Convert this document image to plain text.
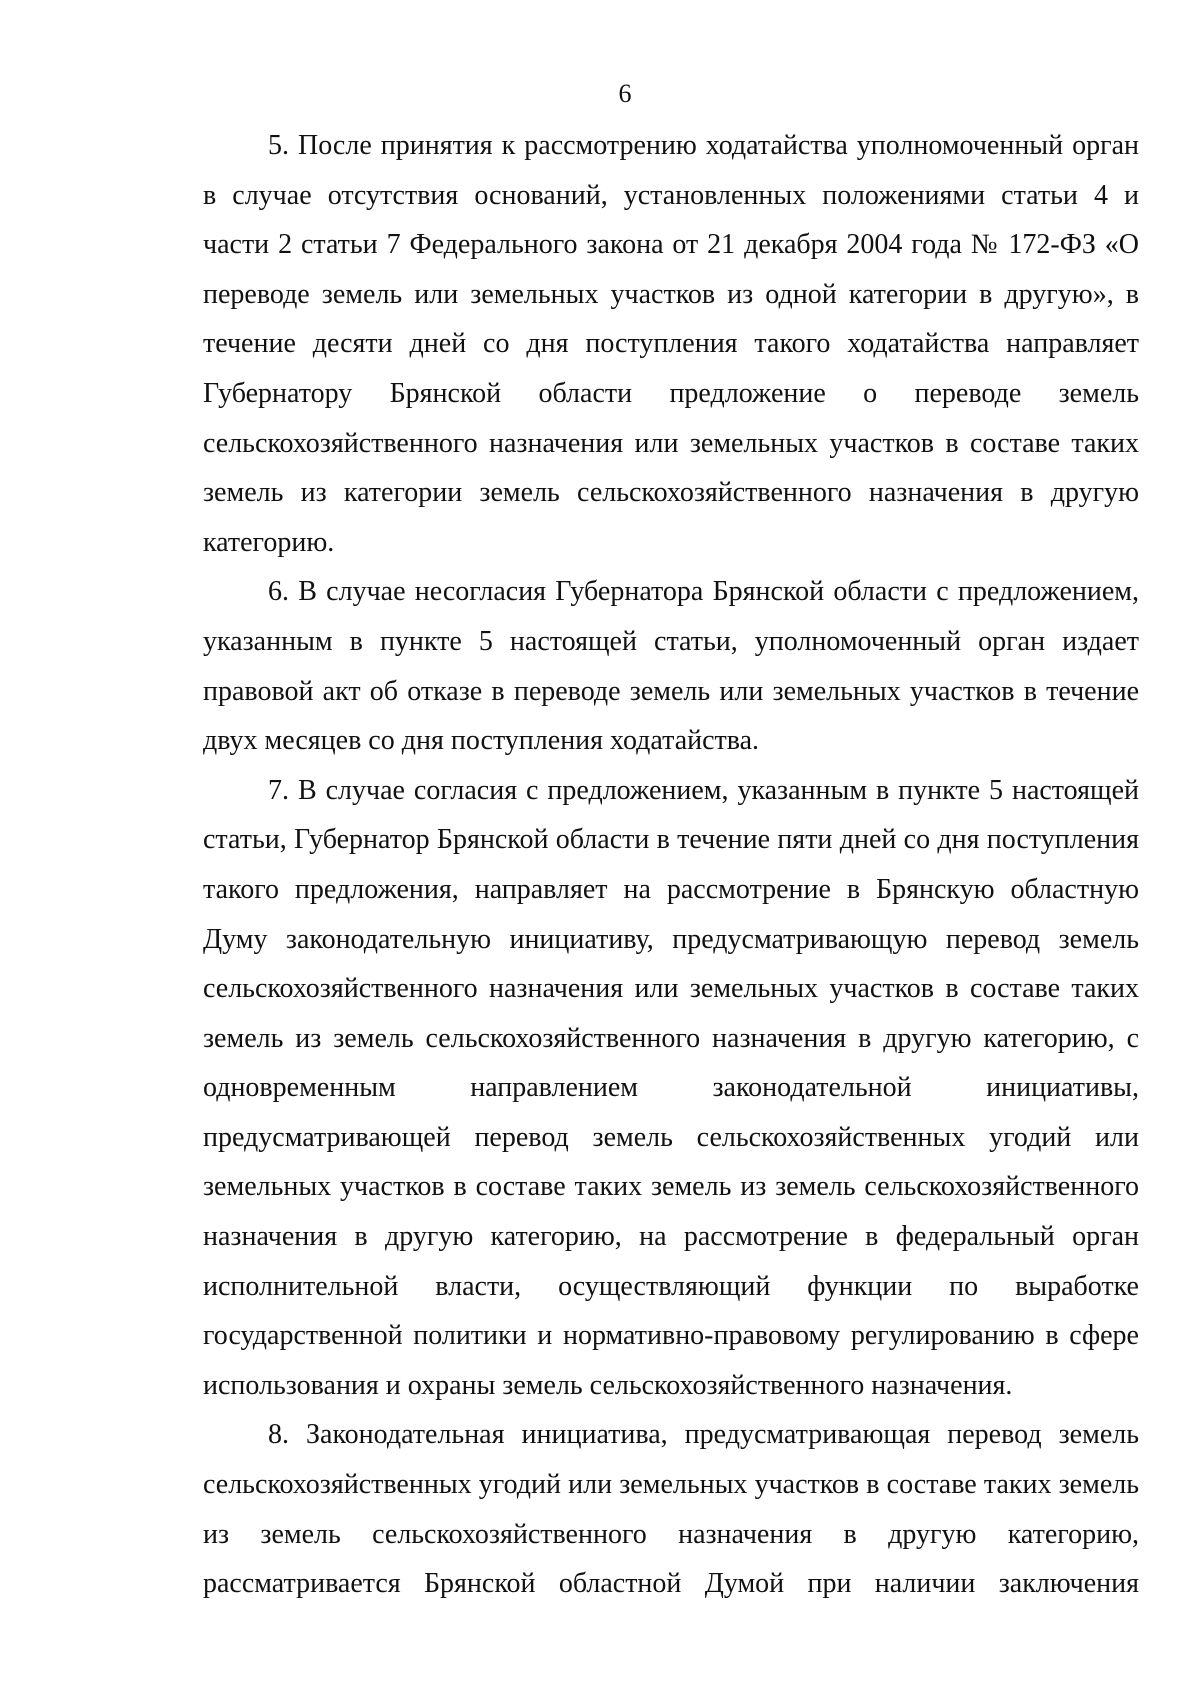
6

5. После принятия к рассмотрению ходатайства уполномоченный орган в случае отсутствия оснований, установленных положениями статьи 4 и части 2 статьи 7 Федерального закона от 21 декабря 2004 года № 172-ФЗ «О переводе земель или земельных участков из одной категории в другую», в течение десяти дней со дня поступления такого ходатайства направляет Губернатору Брянской области предложение о переводе земель сельскохозяйственного назначения или земельных участков в составе таких земель из категории земель сельскохозяйственного назначения в другую категорию.

6. В случае несогласия Губернатора Брянской области с предложением, указанным в пункте 5 настоящей статьи, уполномоченный орган издает правовой акт об отказе в переводе земель или земельных участков в течение двух месяцев со дня поступления ходатайства.

7. В случае согласия с предложением, указанным в пункте 5 настоящей статьи, Губернатор Брянской области в течение пяти дней со дня поступления такого предложения, направляет на рассмотрение в Брянскую областную Думу законодательную инициативу, предусматривающую перевод земель сельскохозяйственного назначения или земельных участков в составе таких земель из земель сельскохозяйственного назначения в другую категорию, с одновременным направлением законодательной инициативы, предусматривающей перевод земель сельскохозяйственных угодий или земельных участков в составе таких земель из земель сельскохозяйственного назначения в другую категорию, на рассмотрение в федеральный орган исполнительной власти, осуществляющий функции по выработке государственной политики и нормативно-правовому регулированию в сфере использования и охраны земель сельскохозяйственного назначения.

8. Законодательная инициатива, предусматривающая перевод земель сельскохозяйственных угодий или земельных участков в составе таких земель из земель сельскохозяйственного назначения в другую категорию, рассматривается Брянской областной Думой при наличии заключения
